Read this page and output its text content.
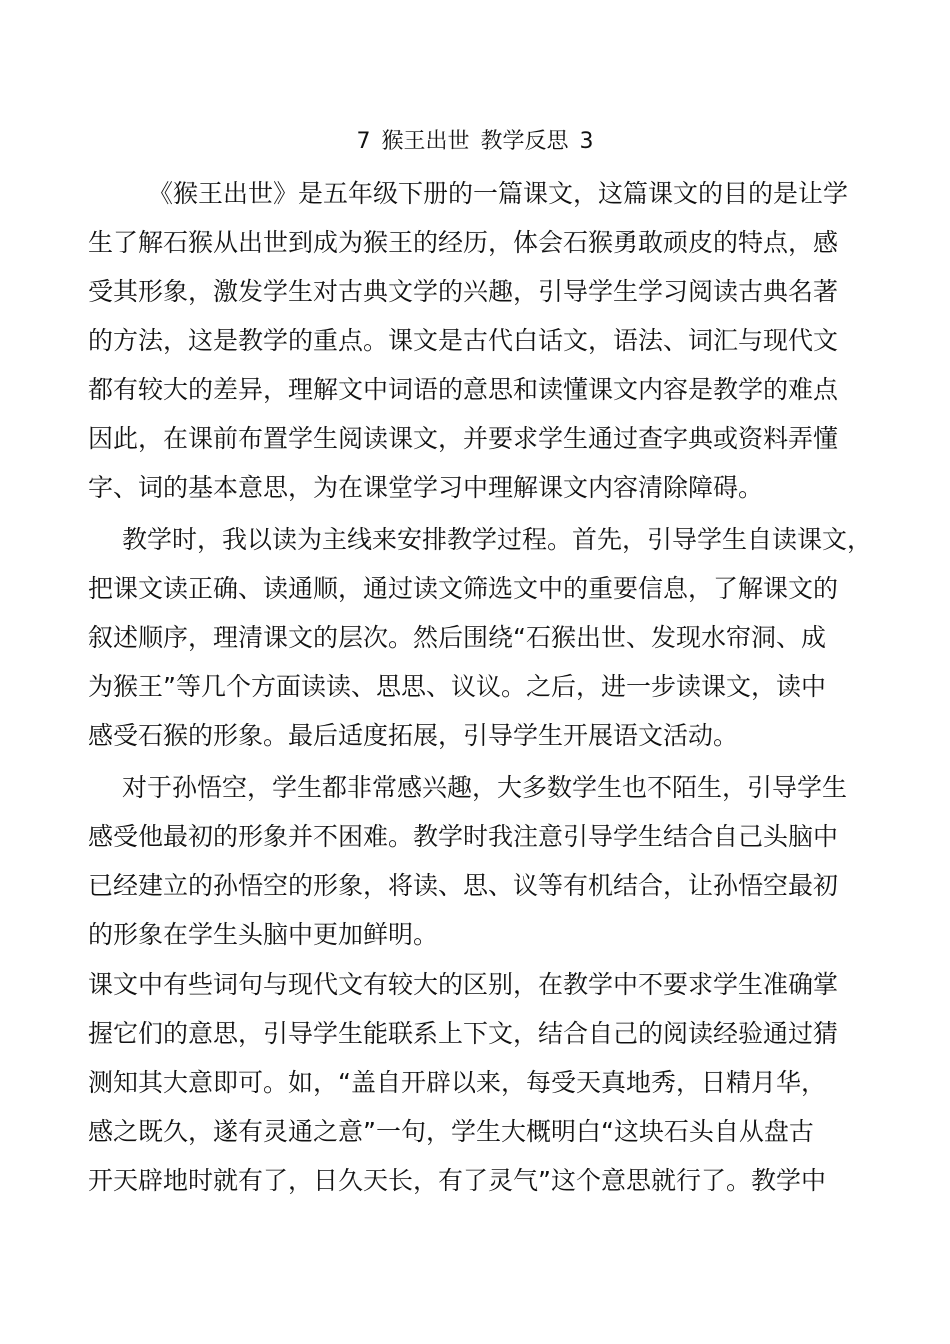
7 猴王出世 教学反思 3
《猴王出世》是五年级下册的一篇课文，这篇课文的目的是让学
生了解石猴从出世到成为猴王的经历，体会石猴勇敢顽皮的特点，感
受其形象，激发学生对古典文学的兴趣，引导学生学习阅读古典名著
的方法，这是教学的重点。课文是古代白话文，语法、词汇与现代文
都有较大的差异，理解文中词语的意思和读懂课文内容是教学的难点
因此，在课前布置学生阅读课文，并要求学生通过查字典或资料弄懂
字、词的基本意思，为在课堂学习中理解课文内容清除障碍。
教学时，我以读为主线来安排教学过程。首先，引导学生自读课文，
把课文读正确、读通顺，通过读文筛选文中的重要信息，了解课文的
叙述顺序，理清课文的层次。然后围绕“石猴出世、发现水帘洞、成
为猴王”等几个方面读读、思思、议议。之后，进一步读课文，读中
感受石猴的形象。最后适度拓展，引导学生开展语文活动。
对于孙悟空，学生都非常感兴趣，大多数学生也不陌生，引导学生
感受他最初的形象并不困难。教学时我注意引导学生结合自己头脑中
已经建立的孙悟空的形象，将读、思、议等有机结合，让孙悟空最初
的形象在学生头脑中更加鲜明。
课文中有些词句与现代文有较大的区别，在教学中不要求学生准确掌
握它们的意思，引导学生能联系上下文，结合自己的阅读经验通过猜
测知其大意即可。如，“盖自开辟以来，每受天真地秀，日精月华，
感之既久，遂有灵通之意”一句，学生大概明白“这块石头自从盘古
开天辟地时就有了，日久天长，有了灵气”这个意思就行了。教学中
